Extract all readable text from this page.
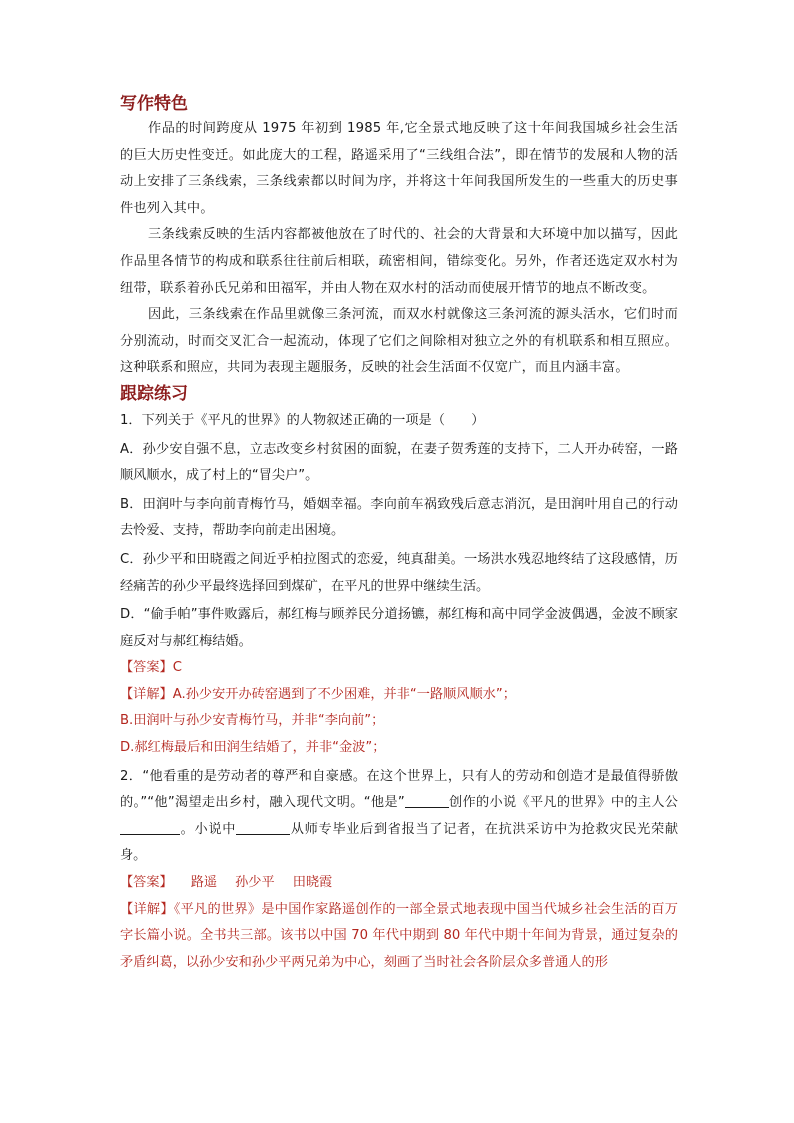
写作特色

作品的时间跨度从 1975 年初到 1985 年,它全景式地反映了这十年间我国城乡社会生活的巨大历史性变迁。如此庞大的工程，路遥采用了“三线组合法”，即在情节的发展和人物的活动上安排了三条线索，三条线索都以时间为序，并将这十年间我国所发生的一些重大的历史事件也列入其中。

三条线索反映的生活内容都被他放在了时代的、社会的大背景和大环境中加以描写，因此作品里各情节的构成和联系往往前后相联，疏密相间，错综变化。另外，作者还选定双水村为纽带，联系着孙氏兄弟和田福军，并由人物在双水村的活动而使展开情节的地点不断改变。

因此，三条线索在作品里就像三条河流，而双水村就像这三条河流的源头活水，它们时而分别流动，时而交叉汇合一起流动，体现了它们之间除相对独立之外的有机联系和相互照应。这种联系和照应，共同为表现主题服务，反映的社会生活面不仅宽广，而且内涵丰富。

跟踪练习

1．下列关于《平凡的世界》的人物叙述正确的一项是（　　）

A．孙少安自强不息，立志改变乡村贫困的面貌，在妻子贺秀莲的支持下，二人开办砖窑，一路顺风顺水，成了村上的“冒尖户”。

B．田润叶与李向前青梅竹马，婚姻幸福。李向前车祸致残后意志消沉，是田润叶用自己的行动去怜爱、支持，帮助李向前走出困境。

C．孙少平和田晓霞之间近乎柏拉图式的恋爱，纯真甜美。一场洪水残忍地终结了这段感情，历经痛苦的孙少平最终选择回到煤矿，在平凡的世界中继续生活。

D．“偷手帕”事件败露后，郝红梅与顾养民分道扬镳，郝红梅和高中同学金波偶遇，金波不顾家庭反对与郝红梅结婚。

【答案】C

【详解】A.孙少安开办砖窑遇到了不少困难，并非“一路顺风顺水”；

B.田润叶与孙少安青梅竹马，并非“李向前”；

D.郝红梅最后和田润生结婚了，并非“金波”；

2．“他看重的是劳动者的尊严和自豪感。在这个世界上，只有人的劳动和创造才是最值得骄傲的。”“他”渴望走出乡村，融入现代文明。“他是”	创作的小说《平凡的世界》中的主人公。小说中	从师专毕业后到省报当了记者，在抗洪采访中为抢救灾民光荣献身。

【答案】 路遥 孙少平 田晓霞

【详解】《平凡的世界》是中国作家路遥创作的一部全景式地表现中国当代城乡社会生活的百万字长篇小说。全书共三部。该书以中国 70 年代中期到 80 年代中期十年间为背景，通过复杂的矛盾纠葛，以孙少安和孙少平两兄弟为中心，刻画了当时社会各阶层众多普通人的形
